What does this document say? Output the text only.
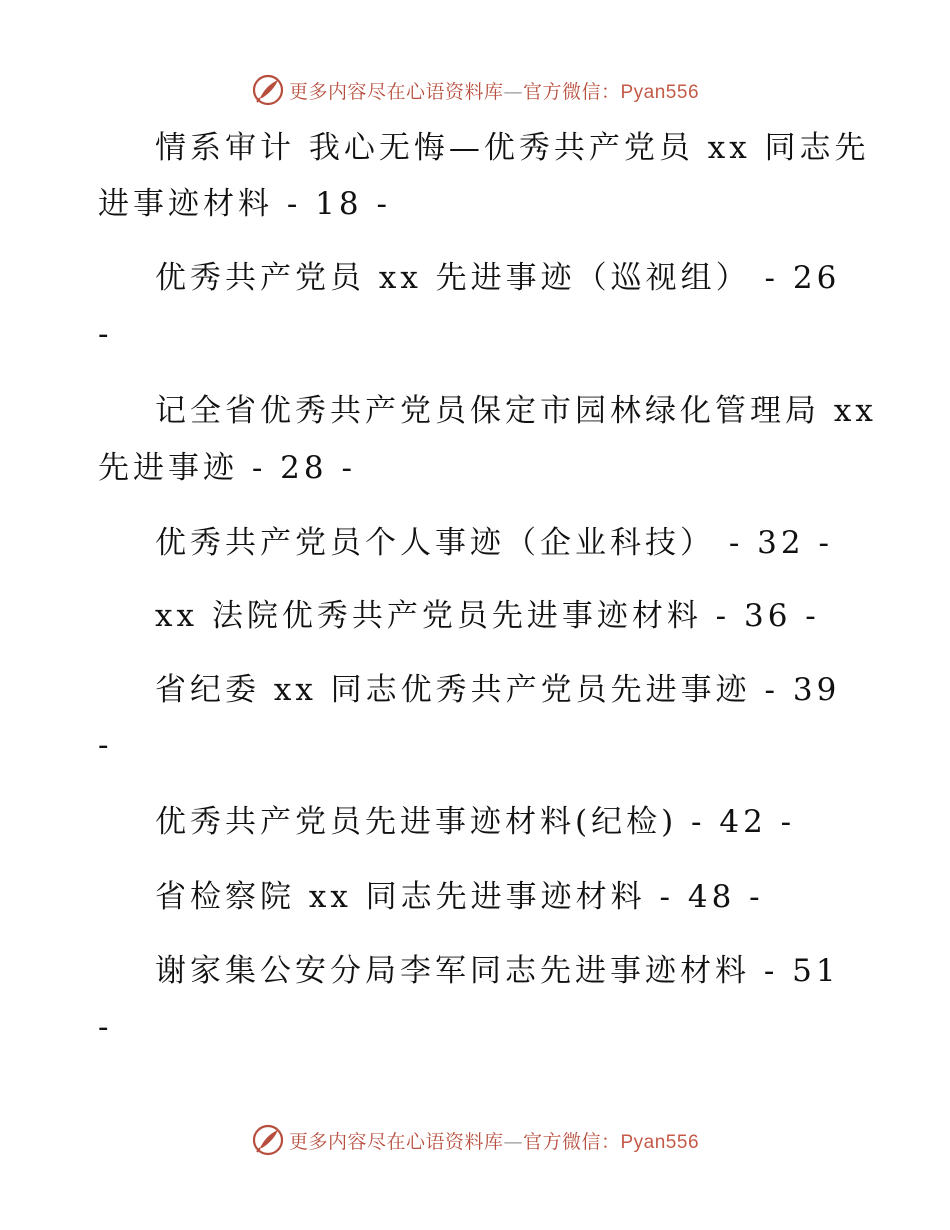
更多内容尽在心语资料库—官方微信：Pyan556
情系审计 我心无悔—优秀共产党员 xx 同志先
进事迹材料 - 18 -
优秀共产党员 xx 先进事迹（巡视组） - 26
-
记全省优秀共产党员保定市园林绿化管理局 xx
先进事迹 - 28 -
优秀共产党员个人事迹（企业科技） - 32 -
xx 法院优秀共产党员先进事迹材料 - 36 -
省纪委 xx 同志优秀共产党员先进事迹 - 39
-
优秀共产党员先进事迹材料(纪检) - 42 -
省检察院 xx 同志先进事迹材料 - 48 -
谢家集公安分局李军同志先进事迹材料 - 51
-
更多内容尽在心语资料库—官方微信：Pyan556
